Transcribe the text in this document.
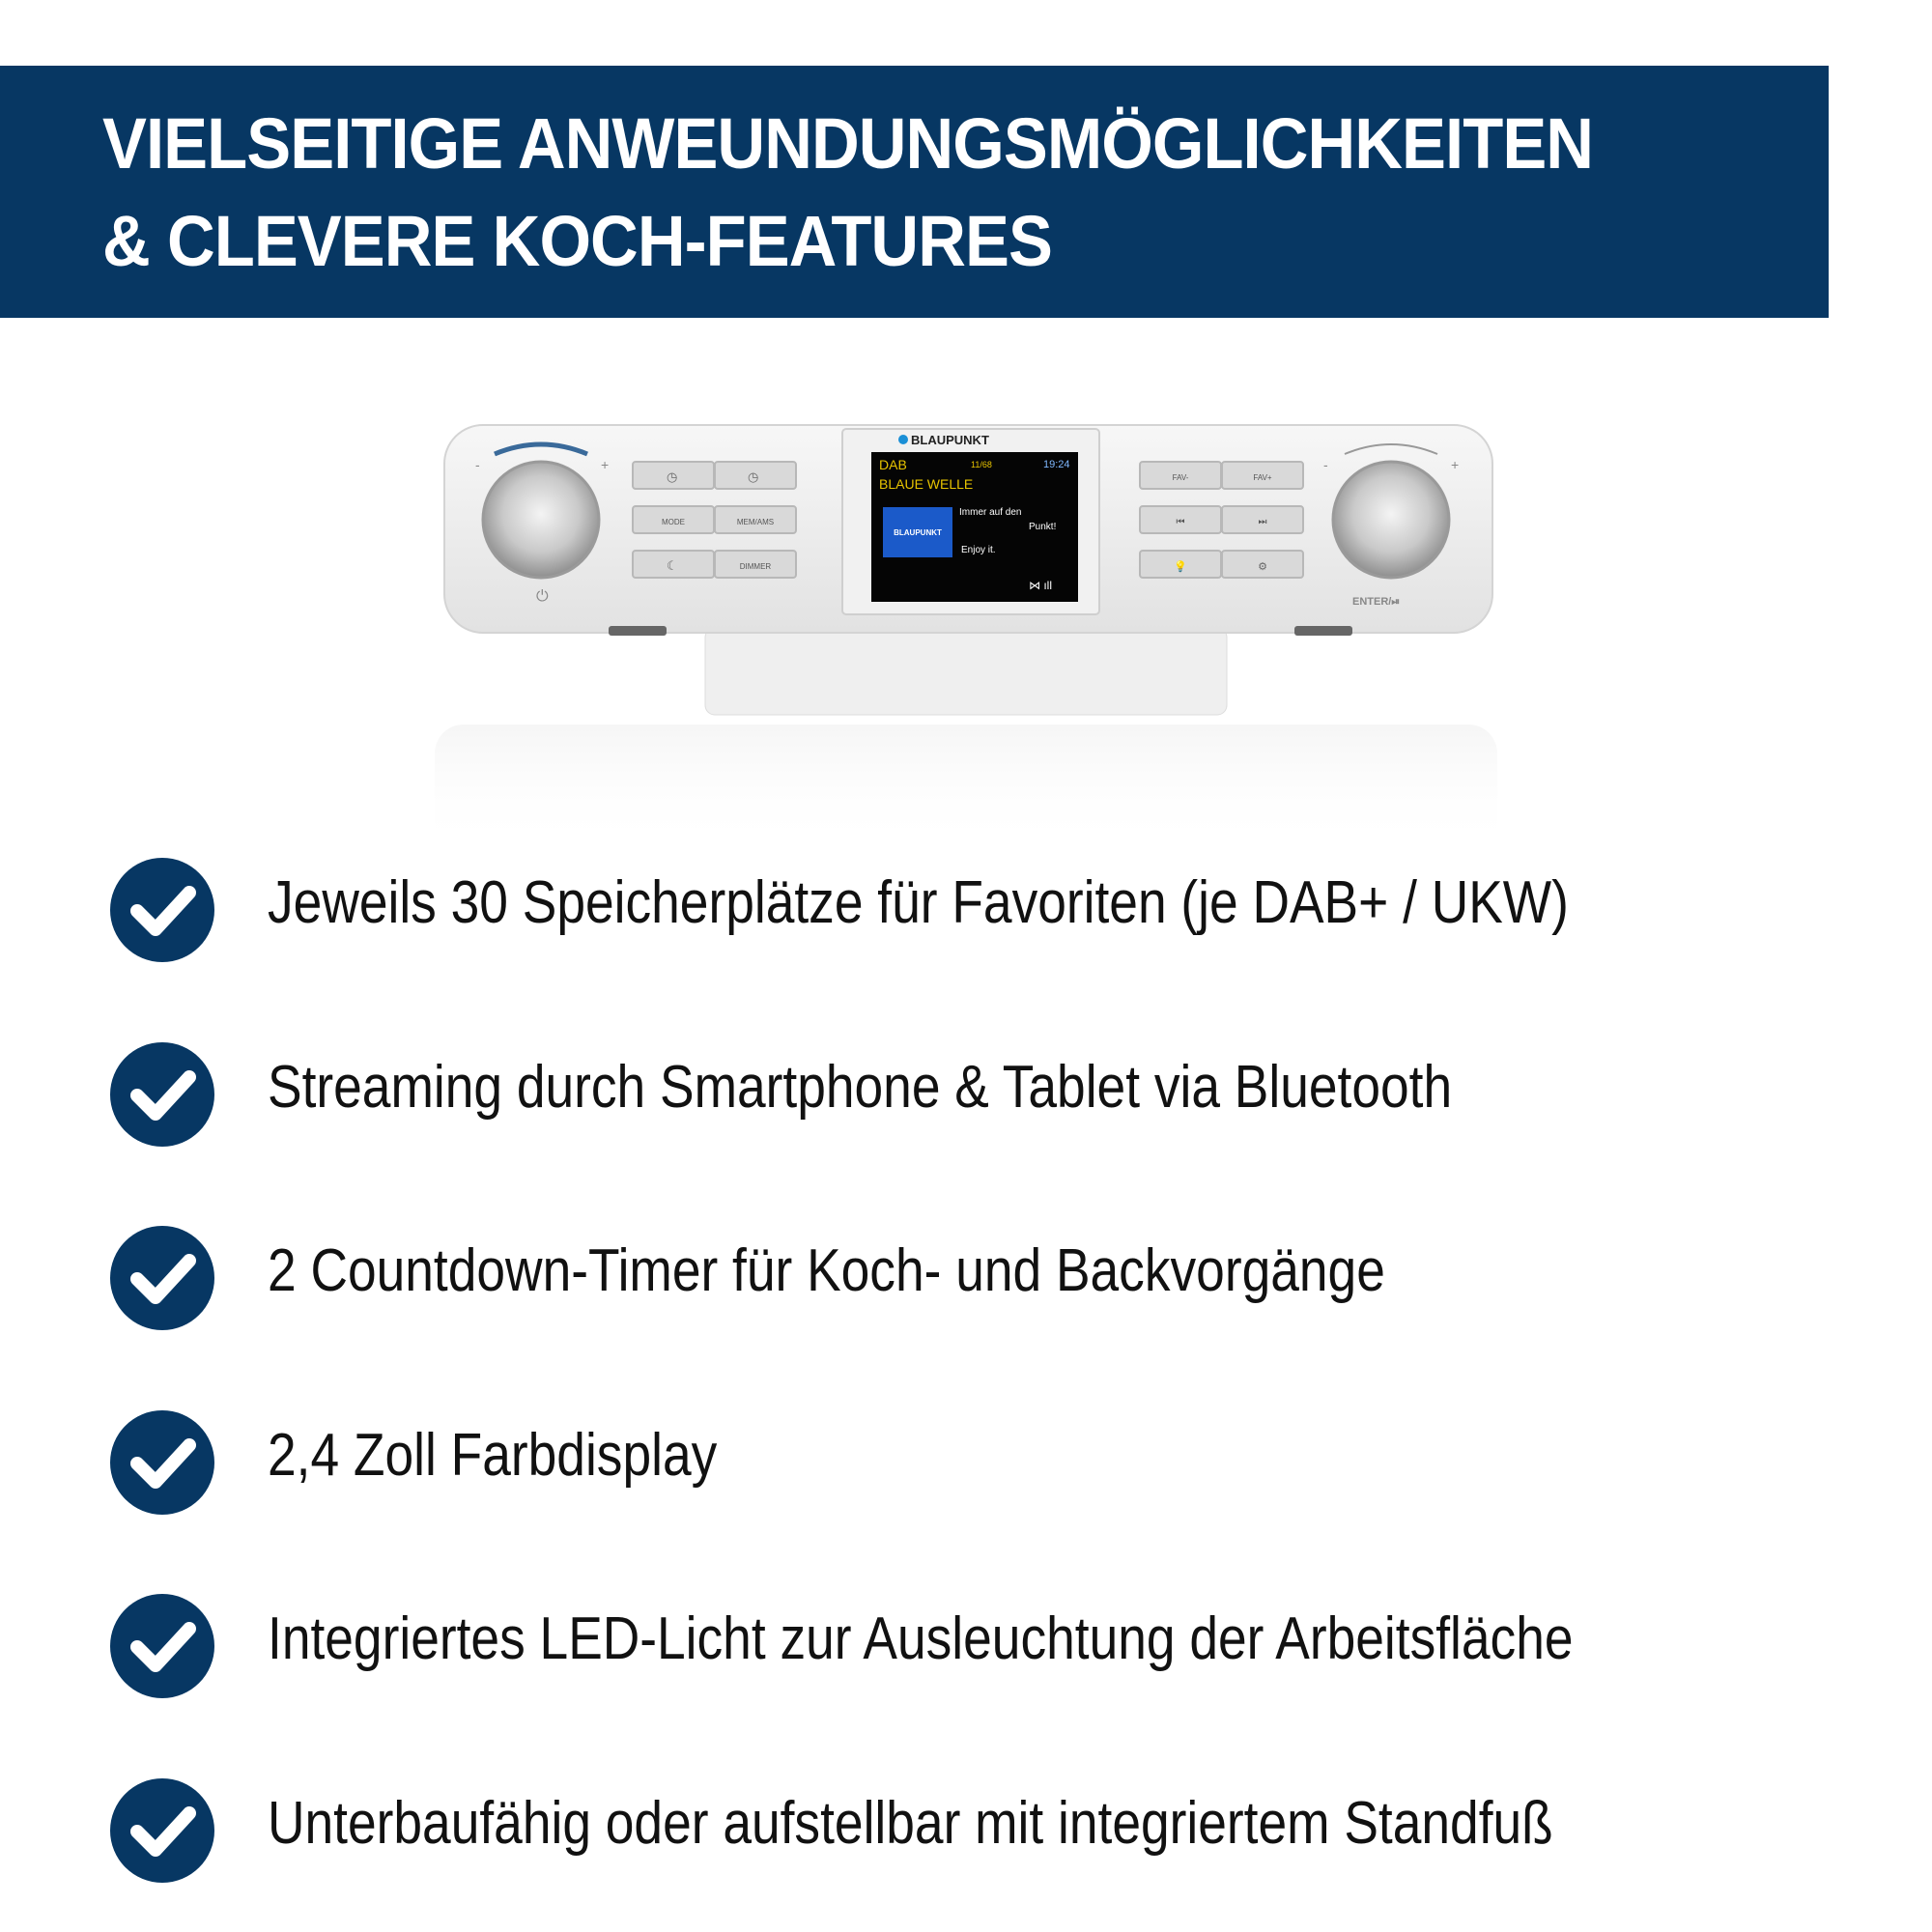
VIELSEITIGE ANWEUNDUNGSMÖGLICHKEITEN
& CLEVERE KOCH-FEATURES
-	+
⏻
◷	◷
MODE	MEM/AMS
☾	DIMMER
BLAUPUNKT
DAB	11/68	19:24
BLAUE WELLE
BLAUPUNKT
Immer auf den
Punkt!
Enjoy it.
⋈ ıll
FAV-	FAV+
⏮	⏭
💡	⚙
-	+
ENTER/⏯
Jeweils 30 Speicherplätze für Favoriten (je DAB+ / UKW)
Streaming durch Smartphone & Tablet via Bluetooth
2 Countdown-Timer für Koch- und Backvorgänge
2,4 Zoll Farbdisplay
Integriertes LED-Licht zur Ausleuchtung der Arbeitsfläche
Unterbaufähig oder aufstellbar mit integriertem Standfuß
